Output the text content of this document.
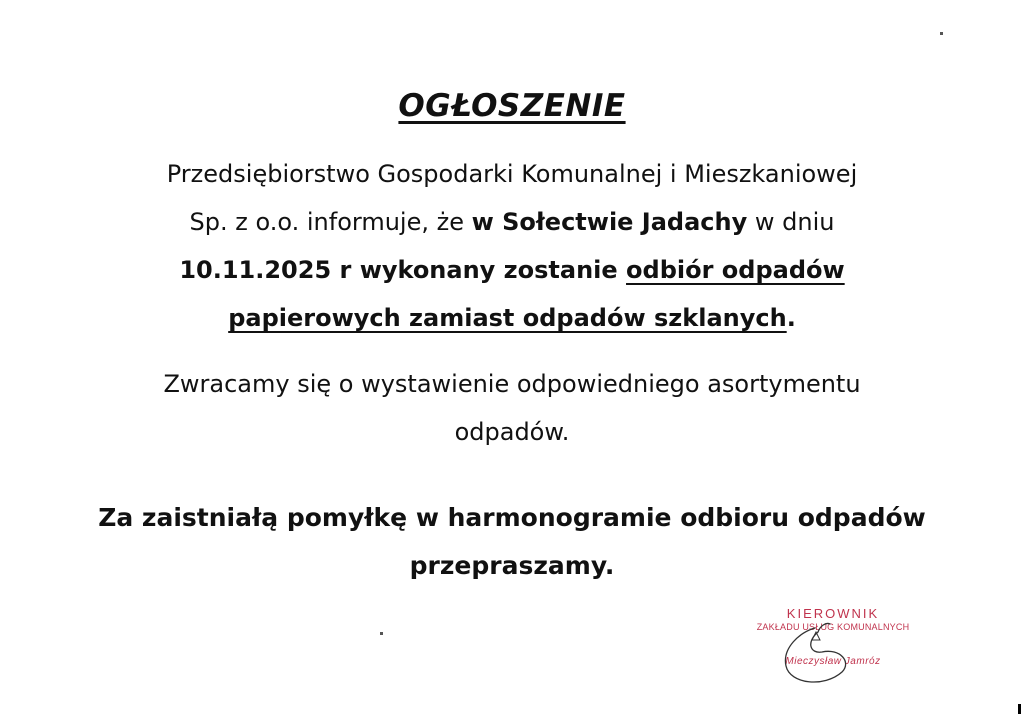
OGŁOSZENIE
Przedsiębiorstwo Gospodarki Komunalnej i Mieszkaniowej
Sp. z o.o. informuje, że w Sołectwie Jadachy w dniu
10.11.2025 r wykonany zostanie odbiór odpadów
papierowych zamiast odpadów szklanych.
Zwracamy się o wystawienie odpowiedniego asortymentu
odpadów.
Za zaistniałą pomyłkę w harmonogramie odbioru odpadów
przepraszamy.
KIEROWNIK
ZAKŁADU USŁUG KOMUNALNYCH
Mieczysław Jamróz
